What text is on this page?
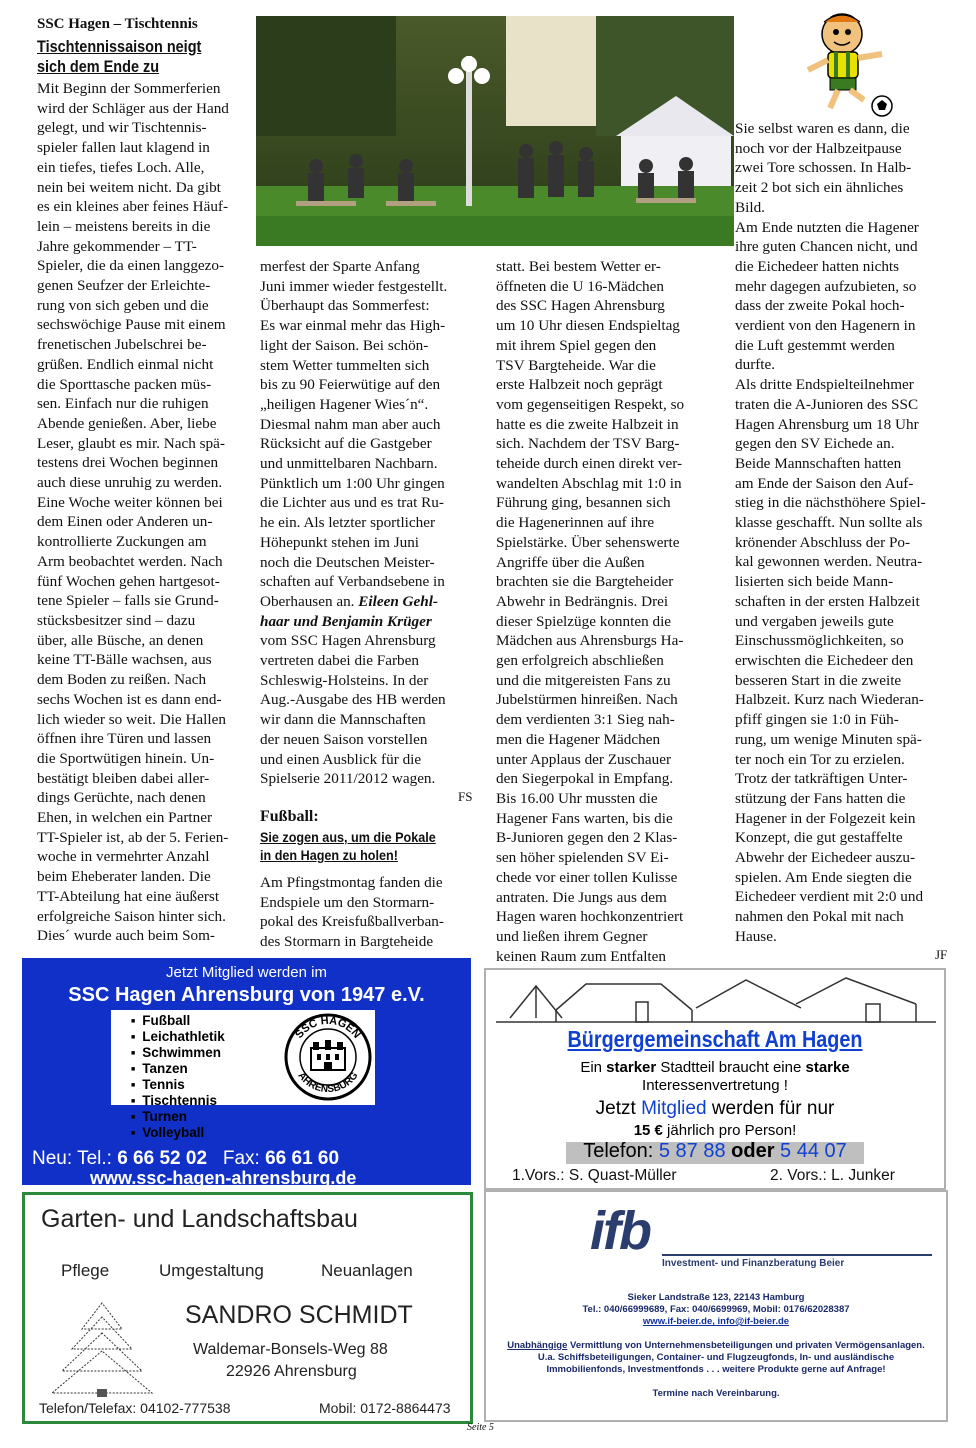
SSC Hagen – Tischtennis
Tischtennissaison neigt
sich dem Ende zu
Mit Beginn der Sommerferien
wird der Schläger aus der Hand
gelegt, und wir Tischtennis-
spieler fallen laut klagend in
ein tiefes, tiefes Loch. Alle,
nein bei weitem nicht. Da gibt
es ein kleines aber feines Häuf-
lein – meistens bereits in die
Jahre gekommender – TT-
Spieler, die da einen langgezo-
genen Seufzer der Erleichte-
rung von sich geben und die
sechswöchige Pause mit einem
frenetischen Jubelschrei be-
grüßen. Endlich einmal nicht
die Sporttasche packen müs-
sen. Einfach nur die ruhigen
Abende genießen. Aber, liebe
Leser, glaubt es mir. Nach spä-
testens drei Wochen beginnen
auch diese unruhig zu werden.
Eine Woche weiter können bei
dem Einen oder Anderen un-
kontrollierte Zuckungen am
Arm beobachtet werden. Nach
fünf Wochen gehen hartgesot-
tene Spieler – falls sie Grund-
stücksbesitzer sind – dazu
über, alle Büsche, an denen
keine TT-Bälle wachsen, aus
dem Boden zu reißen. Nach
sechs Wochen ist es dann end-
lich wieder so weit. Die Hallen
öffnen ihre Türen und lassen
die Sportwütigen hinein. Un-
bestätigt bleiben dabei aller-
dings Gerüchte, nach denen
Ehen, in welchen ein Partner
TT-Spieler ist, ab der 5. Ferien-
woche in vermehrter Anzahl
beim Eheberater landen. Die
TT-Abteilung hat eine äußerst
erfolgreiche Saison hinter sich.
Dies´ wurde auch beim Som-
merfest der Sparte Anfang
Juni immer wieder festgestellt.
Überhaupt das Sommerfest:
Es war einmal mehr das High-
light der Saison. Bei schön-
stem Wetter tummelten sich
bis zu 90 Feierwütige auf den
„heiligen Hagener Wies´n“.
Diesmal nahm man aber auch
Rücksicht auf die Gastgeber
und unmittelbaren Nachbarn.
Pünktlich um 1:00 Uhr gingen
die Lichter aus und es trat Ru-
he ein. Als letzter sportlicher
Höhepunkt stehen im Juni
noch die Deutschen Meister-
schaften auf Verbandsebene in
Oberhausen an. Eileen Gehl-
haar und Benjamin Krüger
vom SSC Hagen Ahrensburg
vertreten dabei die Farben
Schleswig-Holsteins. In der
Aug.-Ausgabe des HB werden
wir dann die Mannschaften
der neuen Saison vorstellen
und einen Ausblick für die
Spielserie 2011/2012 wagen.
FS
Fußball:
Sie zogen aus, um die Pokale
in den Hagen zu holen!
Am Pfingstmontag fanden die
Endspiele um den Stormarn-
pokal des Kreisfußballverban-
des Stormarn in Bargteheide
statt. Bei bestem Wetter er-
öffneten die U 16-Mädchen
des SSC Hagen Ahrensburg
um 10 Uhr diesen Endspieltag
mit ihrem Spiel gegen den
TSV Bargteheide. War die
erste Halbzeit noch geprägt
vom gegenseitigen Respekt, so
hatte es die zweite Halbzeit in
sich. Nachdem der TSV Barg-
teheide durch einen direkt ver-
wandelten Abschlag mit 1:0 in
Führung ging, besannen sich
die Hagenerinnen auf ihre
Spielstärke. Über sehenswerte
Angriffe über die Außen
brachten sie die Bargteheider
Abwehr in Bedrängnis. Drei
dieser Spielzüge konnten die
Mädchen aus Ahrensburgs Ha-
gen erfolgreich abschließen
und die mitgereisten Fans zu
Jubelstürmen hinreißen. Nach
dem verdienten 3:1 Sieg nah-
men die Hagener Mädchen
unter Applaus der Zuschauer
den Siegerpokal in Empfang.
Bis 16.00 Uhr mussten die
Hagener Fans warten, bis die
B-Junioren gegen den 2 Klas-
sen höher spielenden SV Ei-
chede vor einer tollen Kulisse
antraten. Die Jungs aus dem
Hagen waren hochkonzentriert
und ließen ihrem Gegner
keinen Raum zum Entfalten
Sie selbst waren es dann, die
noch vor der Halbzeitpause
zwei Tore schossen. In Halb-
zeit 2 bot sich ein ähnliches
Bild.
Am Ende nutzten die Hagener
ihre guten Chancen nicht, und
die Eichedeer hatten nichts
mehr dagegen aufzubieten, so
dass der zweite Pokal hoch-
verdient von den Hagenern in
die Luft gestemmt werden
durfte.
Als dritte Endspielteilnehmer
traten die A-Junioren des SSC
Hagen Ahrensburg um 18 Uhr
gegen den SV Eichede an.
Beide Mannschaften hatten
am Ende der Saison den Auf-
stieg in die nächsthöhere Spiel-
klasse geschafft. Nun sollte als
krönender Abschluss der Po-
kal gewonnen werden. Neutra-
lisierten sich beide Mann-
schaften in der ersten Halbzeit
und vergaben jeweils gute
Einschussmöglichkeiten, so
erwischten die Eichedeer den
besseren Start in die zweite
Halbzeit. Kurz nach Wiederan-
pfiff gingen sie 1:0 in Füh-
rung, um wenige Minuten spä-
ter noch ein Tor zu erzielen.
Trotz der tatkräftigen Unter-
stützung der Fans hatten die
Hagener in der Folgezeit kein
Konzept, die gut gestaffelte
Abwehr der Eichedeer auszu-
spielen. Am Ende siegten die
Eichedeer verdient mit 2:0 und
nahmen den Pokal mit nach
Hause.
JF
Jetzt Mitglied werden im
SSC Hagen Ahrensburg von 1947 e.V.
■ Fußball
■ Leichathletik
■ Schwimmen
■ Tanzen
■ Tennis
■ Tischtennis
■ Turnen
■ Volleyball
SSC HAGEN
AHRENSBURG
Neu: Tel.: 6 66 52 02 Fax: 66 61 60
www.ssc-hagen-ahrensburg.de
Bürgergemeinschaft Am Hagen
Ein starker Stadtteil braucht eine starke
Interessenvertretung !
Jetzt Mitglied werden für nur
15 € jährlich pro Person!
Telefon: 5 87 88 oder 5 44 07
1.Vors.: S. Quast-Müller	2. Vors.: L. Junker
Garten- und Landschaftsbau
Pflege	Umgestaltung	Neuanlagen
SANDRO SCHMIDT
Waldemar-Bonsels-Weg 88
22926 Ahrensburg
Telefon/Telefax: 04102-777538	Mobil: 0172-8864473
ifb
Investment- und Finanzberatung Beier
Sieker Landstraße 123, 22143 Hamburg
Tel.: 040/66999689, Fax: 040/6699969, Mobil: 0176/62028387
www.if-beier.de, info@if-beier.de
Unabhängige Vermittlung von Unternehmensbeteiligungen und privaten Vermögensanlagen.
U.a. Schiffsbeteiligungen, Container- und Flugzeugfonds, In- und ausländische
Immobilienfonds, Investmentfonds . . . weitere Produkte gerne auf Anfrage!
Termine nach Vereinbarung.
Seite 5
